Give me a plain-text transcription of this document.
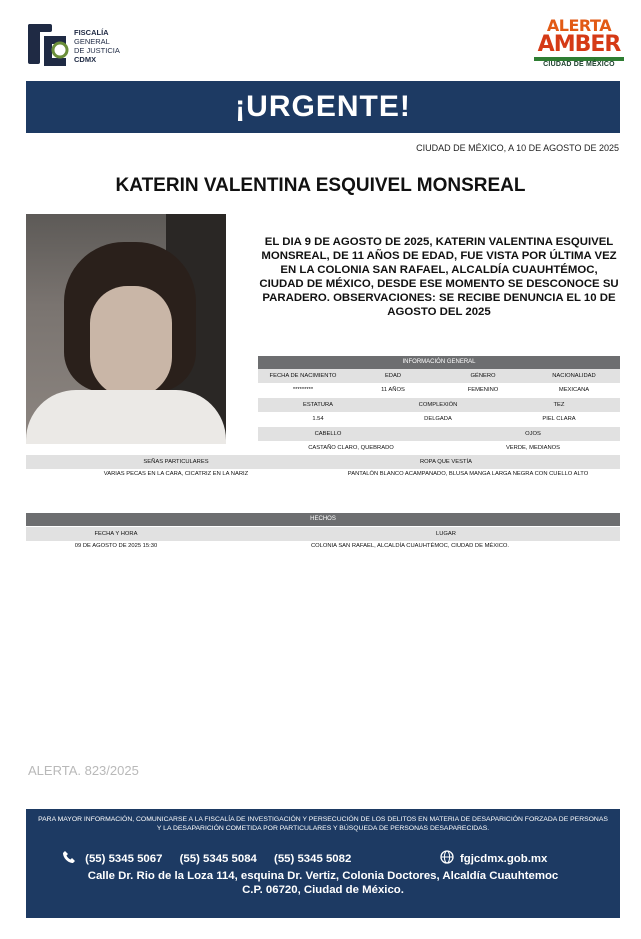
FISCALÍA
GENERAL
DE JUSTICIA

CDMX
ALERTA
AMBER
CIUDAD DE MÉXICO
¡URGENTE!
CIUDAD DE MÉXICO, A 10 DE AGOSTO DE 2025
KATERIN VALENTINA ESQUIVEL MONSREAL
EL DIA 9 DE AGOSTO DE 2025, KATERIN VALENTINA ESQUIVEL MONSREAL, DE 11 AÑOS DE EDAD, FUE VISTA POR ÚLTIMA VEZ EN LA COLONIA SAN RAFAEL, ALCALDÍA CUAUHTÉMOC, CIUDAD DE MÉXICO, DESDE ESE MOMENTO SE DESCONOCE SU PARADERO. OBSERVACIONES: SE RECIBE DENUNCIA EL 10 DE AGOSTO DEL 2025
INFORMACIÓN GENERAL
FECHA DE NACIMIENTO	EDAD	GÉNERO	NACIONALIDAD
*********	11 AÑOS	FEMENINO	MEXICANA
ESTATURA	COMPLEXIÓN	TEZ
1.54	DELGADA	PIEL CLARA
CABELLO	OJOS
CASTAÑO CLARO, QUEBRADO	VERDE, MEDIANOS
SEÑAS PARTICULARES	ROPA QUE VESTÍA
VARIAS PECAS EN LA CARA, CICATRIZ EN LA NARIZ	PANTALÓN BLANCO ACAMPANADO, BLUSA MANGA LARGA NEGRA CON CUELLO ALTO
HECHOS
FECHA Y HORA	LUGAR
09 DE AGOSTO DE 2025 15:30	COLONIA SAN RAFAEL, ALCALDÍA CUAUHTÉMOC, CIUDAD DE MÉXICO.
ALERTA. 823/2025
PARA MAYOR INFORMACIÓN, COMUNICARSE A LA FISCALÍA DE INVESTIGACIÓN Y PERSECUCIÓN DE LOS DELITOS EN MATERIA DE DESAPARICIÓN FORZADA DE PERSONAS Y LA DESAPARICIÓN COMETIDA POR PARTICULARES Y BÚSQUEDA DE PERSONAS DESAPARECIDAS.
(55) 5345 5067 (55) 5345 5084 (55) 5345 5082	fgjcdmx.gob.mx
Calle Dr. Rio de la Loza 114, esquina Dr. Vertiz, Colonia Doctores, Alcaldía Cuauhtemoc
C.P. 06720, Ciudad de México.
